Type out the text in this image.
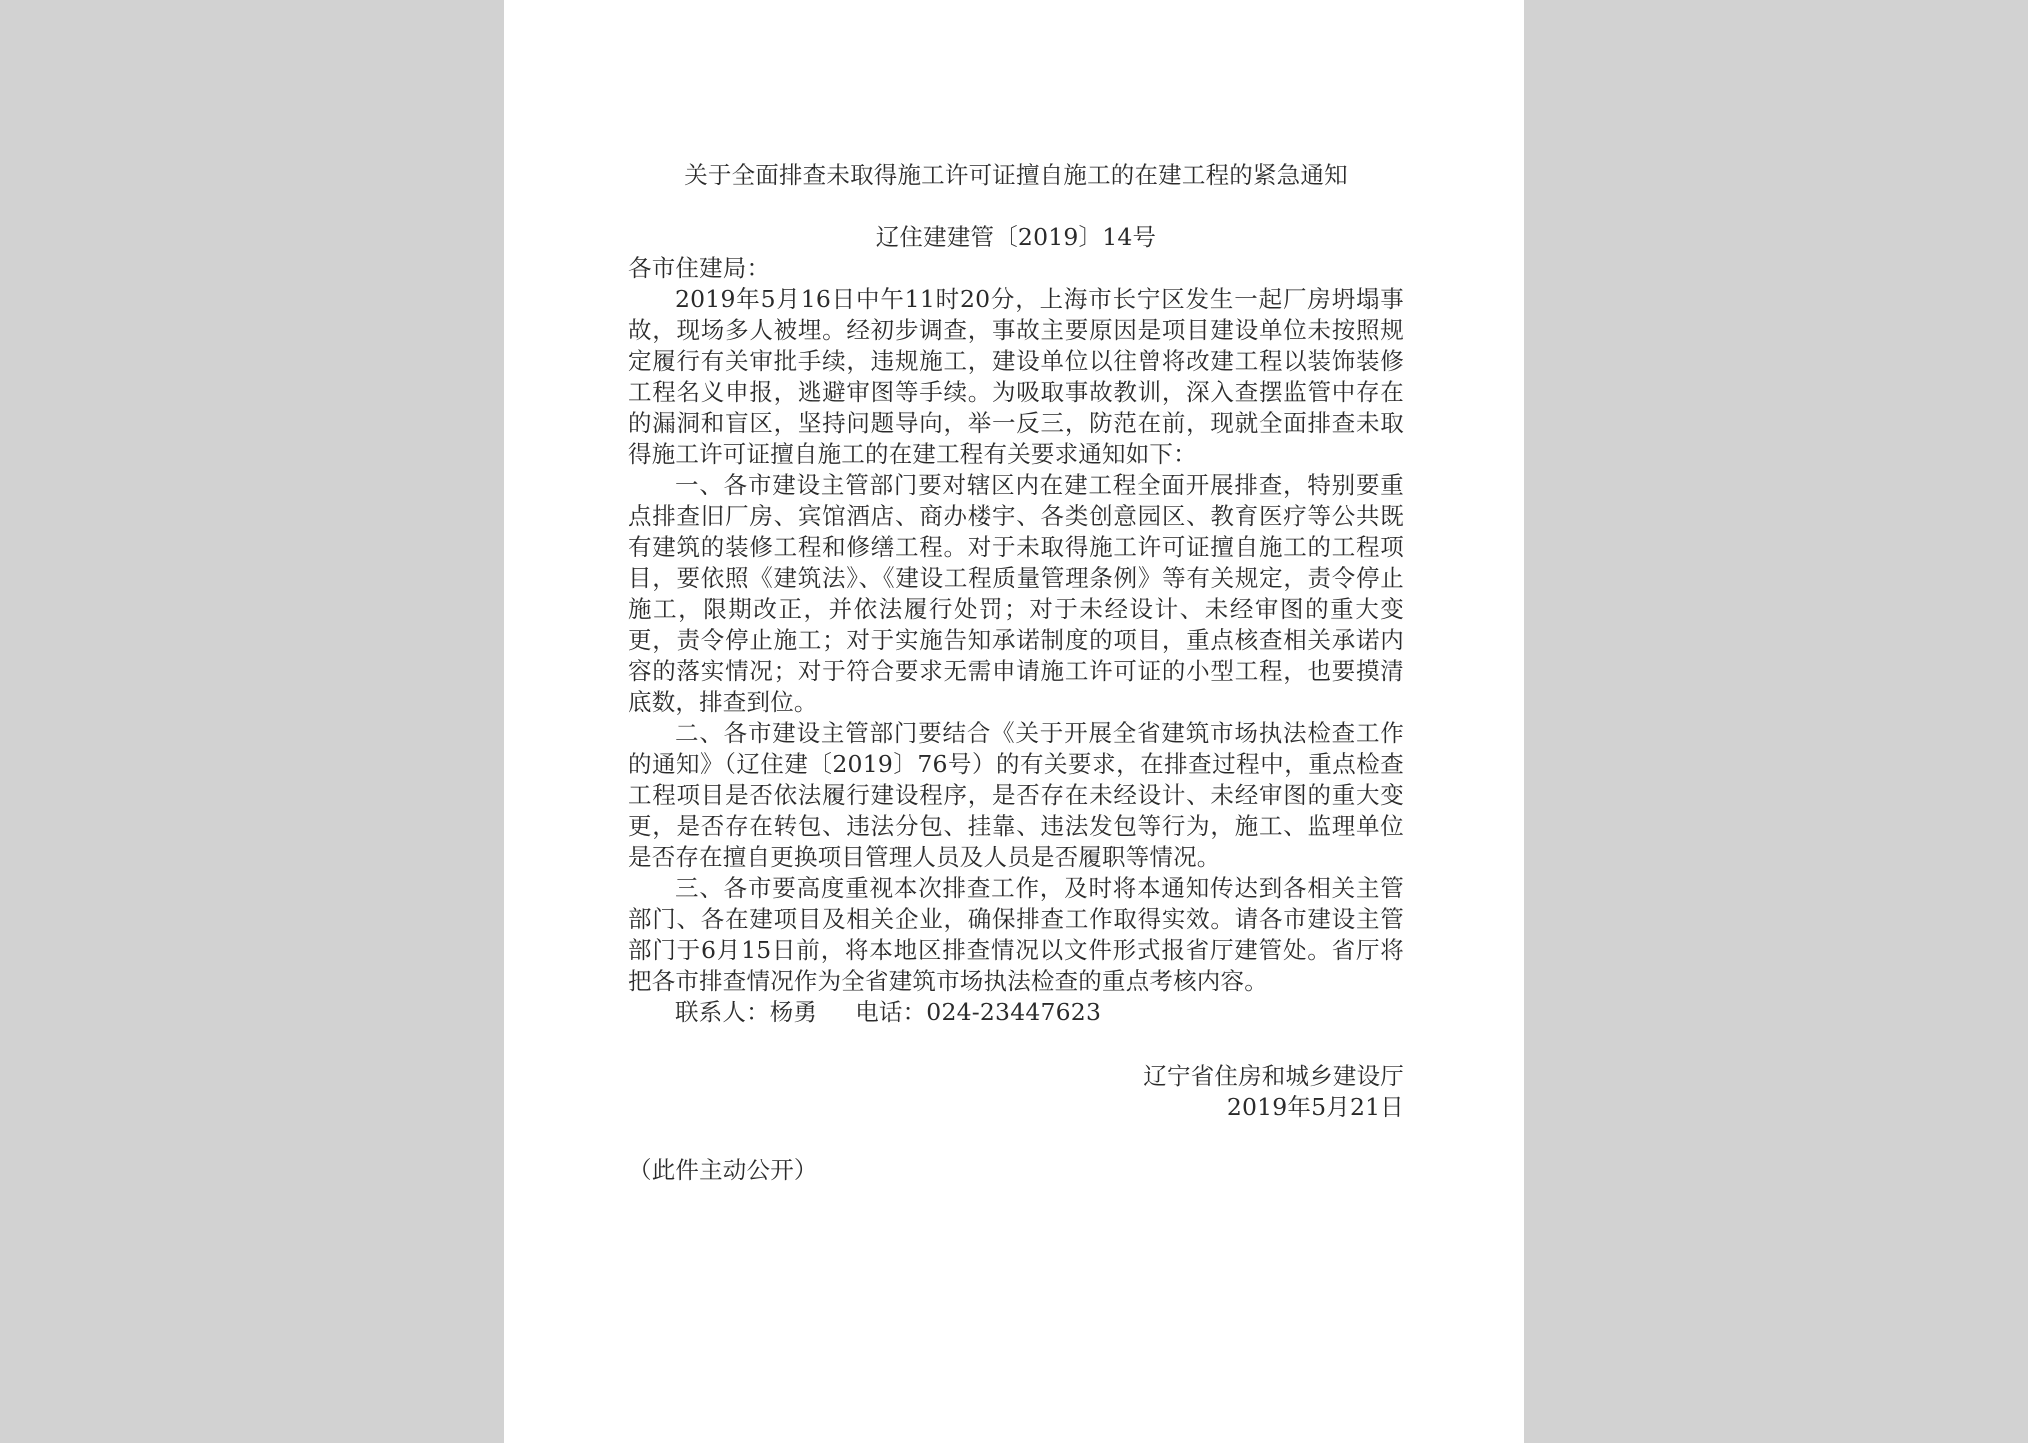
关于全面排查未取得施工许可证擅自施工的在建工程的紧急通知
辽住建建管〔2019〕14号

各市住建局：

2019年5月16日中午11时20分，上海市长宁区发生一起厂房坍塌事故，现场多人被埋。经初步调查，事故主要原因是项目建设单位未按照规定履行有关审批手续，违规施工，建设单位以往曾将改建工程以装饰装修工程名义申报，逃避审图等手续。为吸取事故教训，深入查摆监管中存在的漏洞和盲区，坚持问题导向，举一反三，防范在前，现就全面排查未取得施工许可证擅自施工的在建工程有关要求通知如下：

一、各市建设主管部门要对辖区内在建工程全面开展排查，特别要重点排查旧厂房、宾馆酒店、商办楼宇、各类创意园区、教育医疗等公共既有建筑的装修工程和修缮工程。对于未取得施工许可证擅自施工的工程项目，要依照《建筑法》、《建设工程质量管理条例》等有关规定，责令停止施工，限期改正，并依法履行处罚；对于未经设计、未经审图的重大变更，责令停止施工；对于实施告知承诺制度的项目，重点核查相关承诺内容的落实情况；对于符合要求无需申请施工许可证的小型工程，也要摸清底数，排查到位。

二、各市建设主管部门要结合《关于开展全省建筑市场执法检查工作的通知》（辽住建〔2019〕76号）的有关要求，在排查过程中，重点检查工程项目是否依法履行建设程序，是否存在未经设计、未经审图的重大变更，是否存在转包、违法分包、挂靠、违法发包等行为，施工、监理单位是否存在擅自更换项目管理人员及人员是否履职等情况。

三、各市要高度重视本次排查工作，及时将本通知传达到各相关主管部门、各在建项目及相关企业，确保排查工作取得实效。请各市建设主管部门于6月15日前，将本地区排查情况以文件形式报省厅建管处。省厅将把各市排查情况作为全省建筑市场执法检查的重点考核内容。

联系人：杨勇 电话：024-23447623

辽宁省住房和城乡建设厅
2019年5月21日
（此件主动公开）
